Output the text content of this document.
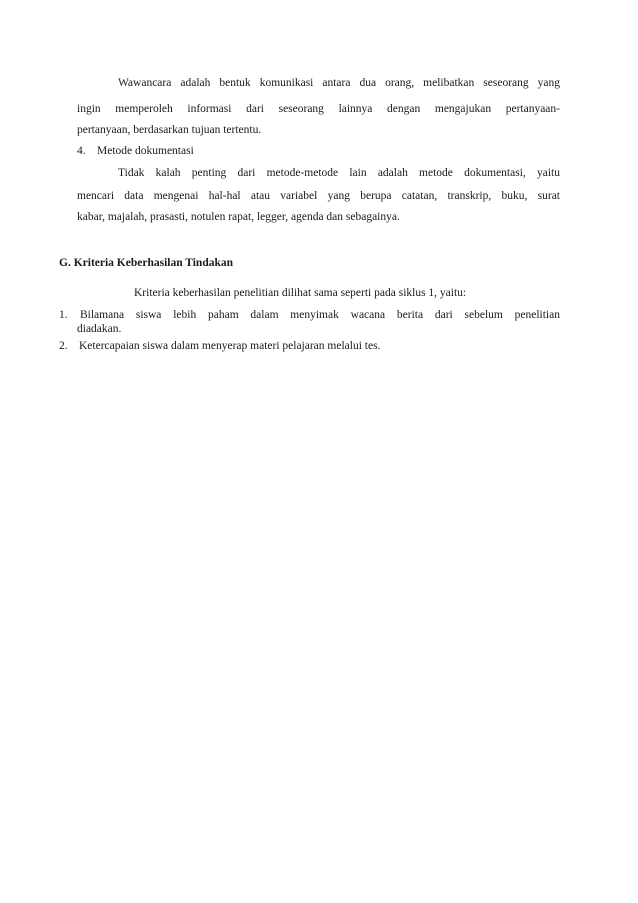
Wawancara adalah bentuk komunikasi antara dua orang, melibatkan seseorang yang
ingin memperoleh informasi dari seseorang lainnya dengan mengajukan pertanyaan-
pertanyaan, berdasarkan tujuan tertentu.
4. Metode dokumentasi
Tidak kalah penting dari metode-metode lain adalah metode dokumentasi, yaitu
mencari data mengenai hal-hal atau variabel yang berupa catatan, transkrip, buku, surat
kabar, majalah, prasasti, notulen rapat, legger, agenda dan sebagainya.
G. Kriteria Keberhasilan Tindakan
Kriteria keberhasilan penelitian dilihat sama seperti pada siklus 1, yaitu:
1. Bilamana siswa lebih paham dalam menyimak wacana berita dari sebelum penelitian
diadakan.
2. Ketercapaian siswa dalam menyerap materi pelajaran melalui tes.
